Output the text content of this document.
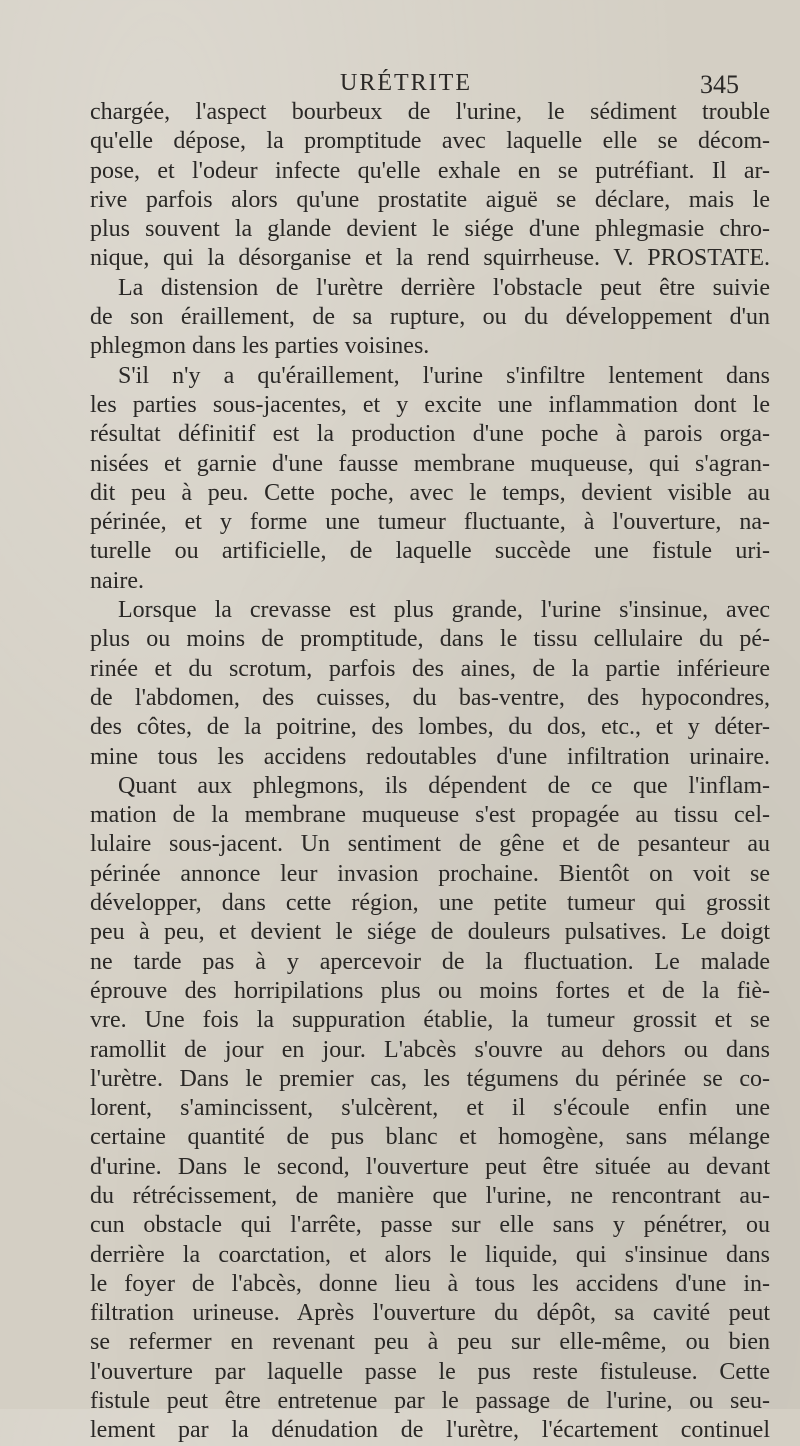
URÉTRITE	345
chargée, l'aspect bourbeux de l'urine, le sédiment trouble
qu'elle dépose, la promptitude avec laquelle elle se décom-
pose, et l'odeur infecte qu'elle exhale en se putréfiant. Il ar-
rive parfois alors qu'une prostatite aiguë se déclare, mais le
plus souvent la glande devient le siége d'une phlegmasie chro-
nique, qui la désorganise et la rend squirrheuse. V. PROSTATE.
La distension de l'urètre derrière l'obstacle peut être suivie
de son éraillement, de sa rupture, ou du développement d'un
phlegmon dans les parties voisines.
S'il n'y a qu'éraillement, l'urine s'infiltre lentement dans
les parties sous-jacentes, et y excite une inflammation dont le
résultat définitif est la production d'une poche à parois orga-
nisées et garnie d'une fausse membrane muqueuse, qui s'agran-
dit peu à peu. Cette poche, avec le temps, devient visible au
périnée, et y forme une tumeur fluctuante, à l'ouverture, na-
turelle ou artificielle, de laquelle succède une fistule uri-
naire.
Lorsque la crevasse est plus grande, l'urine s'insinue, avec
plus ou moins de promptitude, dans le tissu cellulaire du pé-
rinée et du scrotum, parfois des aines, de la partie inférieure
de l'abdomen, des cuisses, du bas-ventre, des hypocondres,
des côtes, de la poitrine, des lombes, du dos, etc., et y déter-
mine tous les accidens redoutables d'une infiltration urinaire.
Quant aux phlegmons, ils dépendent de ce que l'inflam-
mation de la membrane muqueuse s'est propagée au tissu cel-
lulaire sous-jacent. Un sentiment de gêne et de pesanteur au
périnée annonce leur invasion prochaine. Bientôt on voit se
développer, dans cette région, une petite tumeur qui grossit
peu à peu, et devient le siége de douleurs pulsatives. Le doigt
ne tarde pas à y apercevoir de la fluctuation. Le malade
éprouve des horripilations plus ou moins fortes et de la fiè-
vre. Une fois la suppuration établie, la tumeur grossit et se
ramollit de jour en jour. L'abcès s'ouvre au dehors ou dans
l'urètre. Dans le premier cas, les tégumens du périnée se co-
lorent, s'amincissent, s'ulcèrent, et il s'écoule enfin une
certaine quantité de pus blanc et homogène, sans mélange
d'urine. Dans le second, l'ouverture peut être située au devant
du rétrécissement, de manière que l'urine, ne rencontrant au-
cun obstacle qui l'arrête, passe sur elle sans y pénétrer, ou
derrière la coarctation, et alors le liquide, qui s'insinue dans
le foyer de l'abcès, donne lieu à tous les accidens d'une in-
filtration urineuse. Après l'ouverture du dépôt, sa cavité peut
se refermer en revenant peu à peu sur elle-même, ou bien
l'ouverture par laquelle passe le pus reste fistuleuse. Cette
fistule peut être entretenue par le passage de l'urine, ou seu-
lement par la dénudation de l'urètre, l'écartement continuel
